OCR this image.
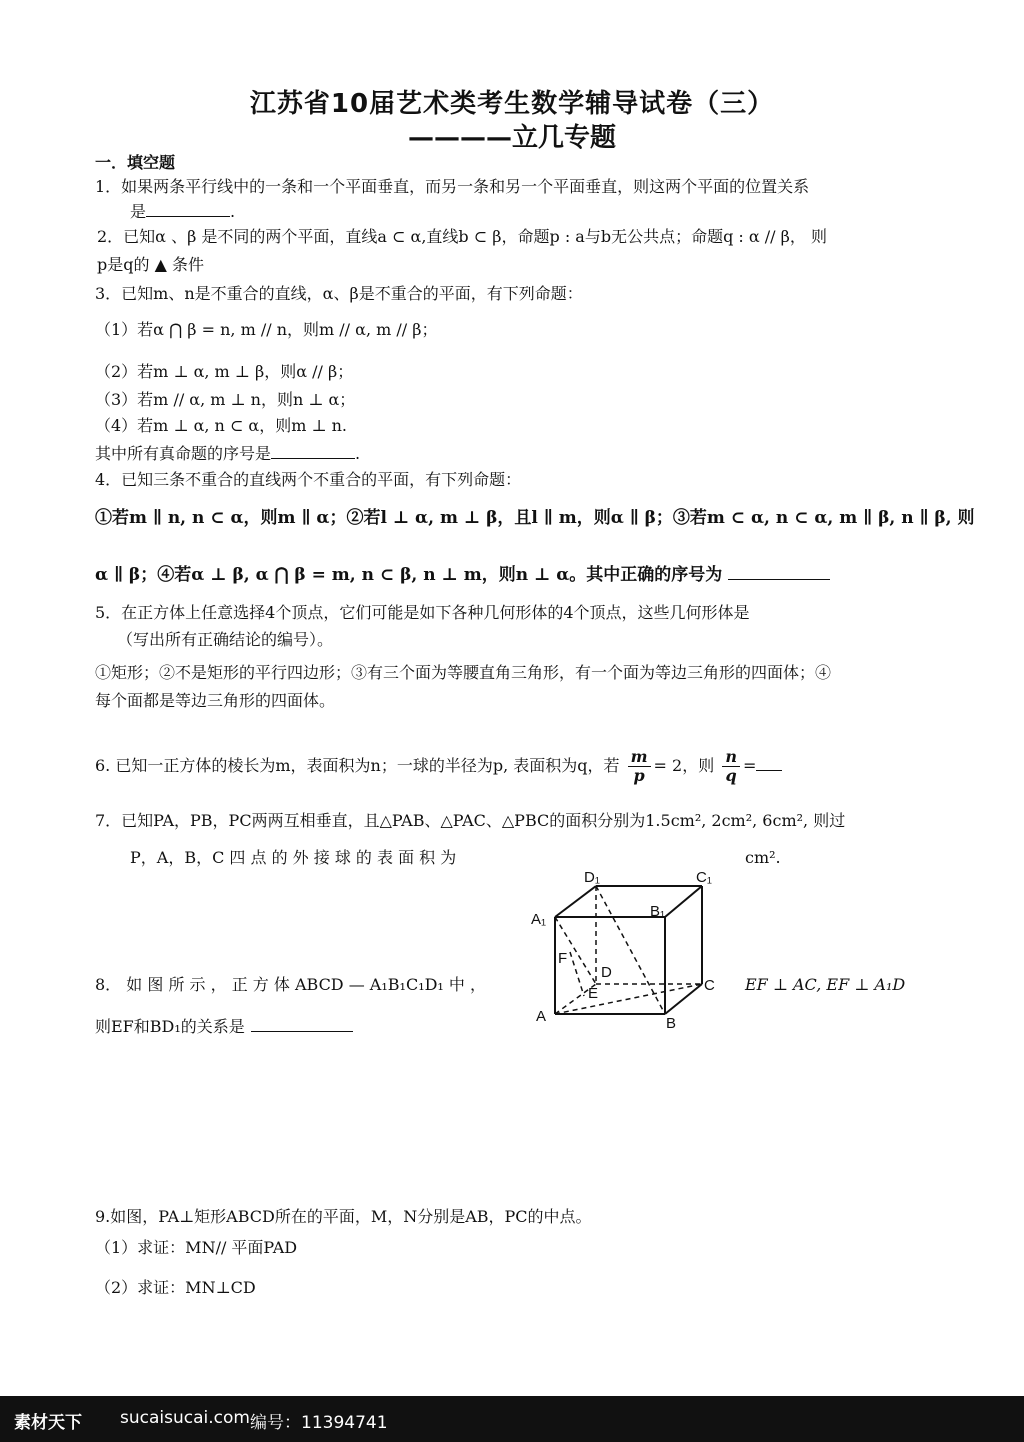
江苏省10届艺术类考生数学辅导试卷（三）
————立几专题
一．填空题
1．如果两条平行线中的一条和一个平面垂直，而另一条和另一个平面垂直，则这两个平面的位置关系
是	.
2．已知α 、β 是不同的两个平面，直线a ⊂ α,直线b ⊂ β，命题p : a与b无公共点；命题q : α // β， 则
p是q的 ▲ 条件
3．已知m、n是不重合的直线，α、β是不重合的平面，有下列命题：
（1）若α ⋂ β = n, m // n，则m // α, m // β；
（2）若m ⊥ α, m ⊥ β，则α // β；
（3）若m // α, m ⊥ n，则n ⊥ α；
（4）若m ⊥ α, n ⊂ α，则m ⊥ n.
其中所有真命题的序号是	.
4．已知三条不重合的直线两个不重合的平面，有下列命题：
①若m ∥ n, n ⊂ α，则m ∥ α；②若l ⊥ α, m ⊥ β，且l ∥ m，则α ∥ β；③若m ⊂ α, n ⊂ α, m ∥ β, n ∥ β, 则
α ∥ β；④若α ⊥ β, α ⋂ β = m, n ⊂ β, n ⊥ m，则n ⊥ α。其中正确的序号为
5．在正方体上任意选择4个顶点，它们可能是如下各种几何形体的4个顶点，这些几何形体是
（写出所有正确结论的编号）。
①矩形；②不是矩形的平行四边形；③有三个面为等腰直角三角形，有一个面为等边三角形的四面体；④
每个面都是等边三角形的四面体。
6. 已知一正方体的棱长为m，表面积为n；一球的半径为p, 表面积为q，若 $\frac{m}{p} = 2$，则 $\frac{n}{q}$ =
7．已知PA，PB，PC两两互相垂直，且△PAB、△PAC、△PBC的面积分别为1.5cm², 2cm², 6cm², 则过
P，A，B，C 四 点 的 外 接 球 的 表 面 积 为	cm².
8． 如 图 所 示 ， 正 方 体 ABCD — A₁B₁C₁D₁ 中 ，	EF ⊥ AC, EF ⊥ A₁D
则EF和BD₁的关系是
D₁	C₁
A₁	B₁
F
D
E	C
A	B
9.如图，PA⊥矩形ABCD所在的平面，M，N分别是AB，PC的中点。
（1）求证：MN// 平面PAD
（2）求证：MN⊥CD
素材天下 sucaisucai.com 编号：11394741
